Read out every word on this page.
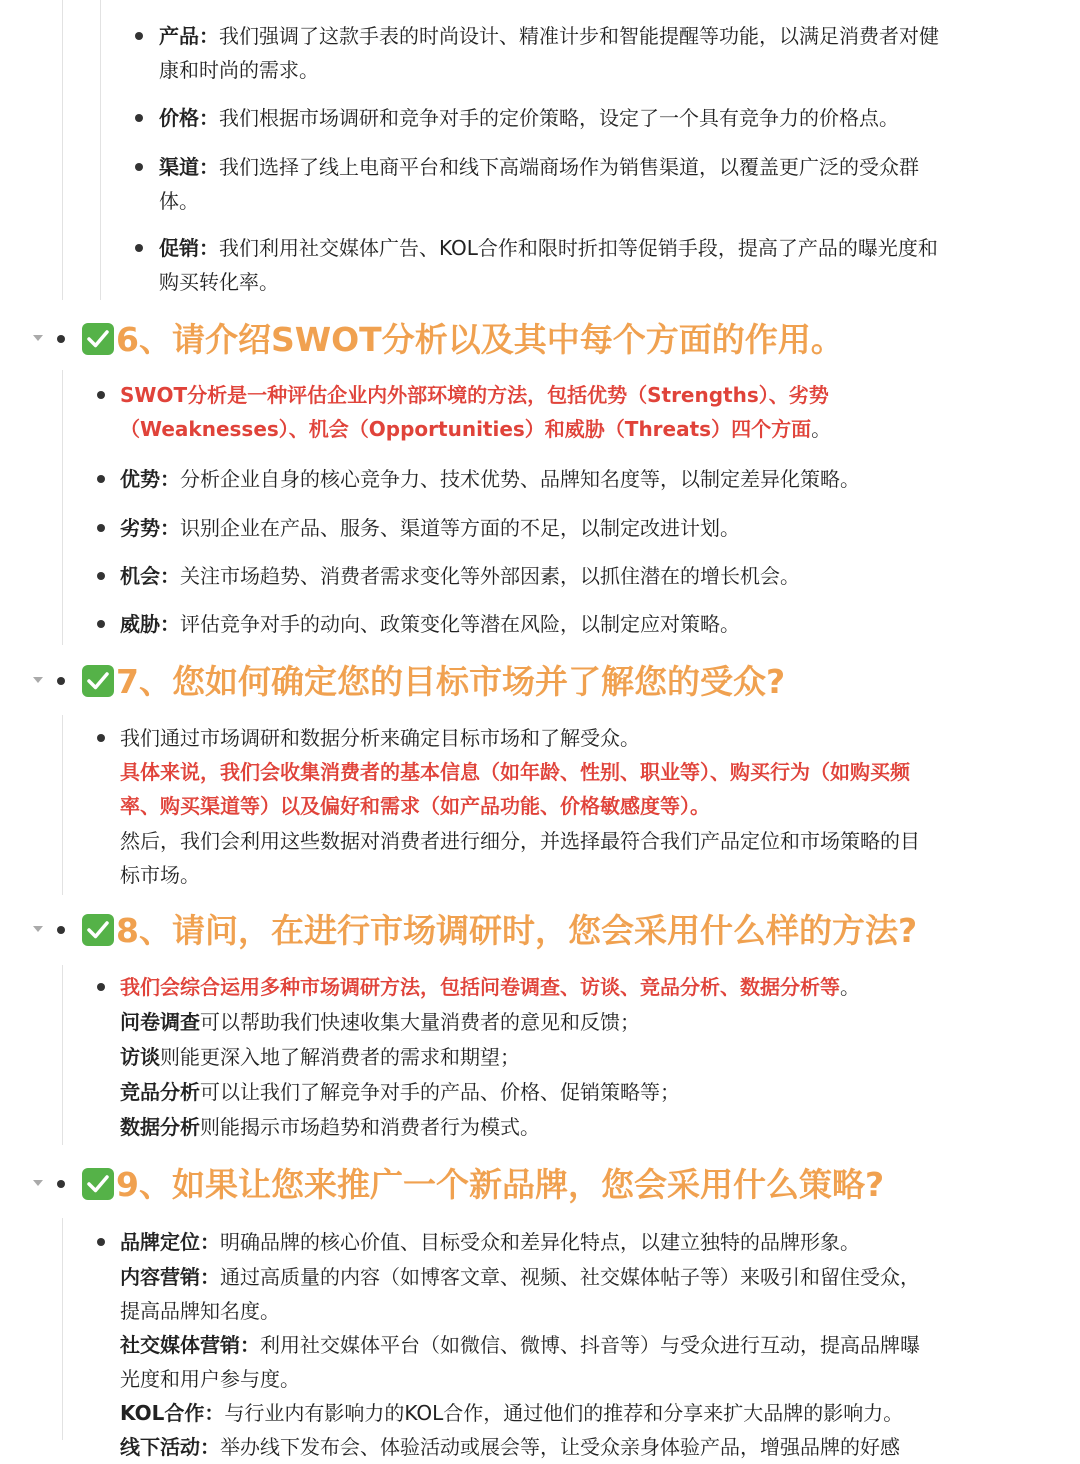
产品：我们强调了这款手表的时尚设计、精准计步和智能提醒等功能，以满足消费者对健
康和时尚的需求。
价格：我们根据市场调研和竞争对手的定价策略，设定了一个具有竞争力的价格点。
渠道：我们选择了线上电商平台和线下高端商场作为销售渠道，以覆盖更广泛的受众群
体。
促销：我们利用社交媒体广告、KOL合作和限时折扣等促销手段，提高了产品的曝光度和
购买转化率。
6、请介绍SWOT分析以及其中每个方面的作用。
SWOT分析是一种评估企业内外部环境的方法，包括优势（Strengths）、劣势
（Weaknesses）、机会（Opportunities）和威胁（Threats）四个方面。
优势：分析企业自身的核心竞争力、技术优势、品牌知名度等，以制定差异化策略。
劣势：识别企业在产品、服务、渠道等方面的不足，以制定改进计划。
机会：关注市场趋势、消费者需求变化等外部因素，以抓住潜在的增长机会。
威胁：评估竞争对手的动向、政策变化等潜在风险，以制定应对策略。
7、您如何确定您的目标市场并了解您的受众?
我们通过市场调研和数据分析来确定目标市场和了解受众。
具体来说，我们会收集消费者的基本信息（如年龄、性别、职业等）、购买行为（如购买频
率、购买渠道等）以及偏好和需求（如产品功能、价格敏感度等）。
然后，我们会利用这些数据对消费者进行细分，并选择最符合我们产品定位和市场策略的目
标市场。
8、请问，在进行市场调研时，您会采用什么样的方法?
我们会综合运用多种市场调研方法，包括问卷调查、访谈、竞品分析、数据分析等。
问卷调查可以帮助我们快速收集大量消费者的意见和反馈；
访谈则能更深入地了解消费者的需求和期望；
竞品分析可以让我们了解竞争对手的产品、价格、促销策略等；
数据分析则能揭示市场趋势和消费者行为模式。
9、如果让您来推广一个新品牌，您会采用什么策略?
品牌定位：明确品牌的核心价值、目标受众和差异化特点，以建立独特的品牌形象。
内容营销：通过高质量的内容（如博客文章、视频、社交媒体帖子等）来吸引和留住受众，
提高品牌知名度。
社交媒体营销：利用社交媒体平台（如微信、微博、抖音等）与受众进行互动，提高品牌曝
光度和用户参与度。
KOL合作：与行业内有影响力的KOL合作，通过他们的推荐和分享来扩大品牌的影响力。
线下活动：举办线下发布会、体验活动或展会等，让受众亲身体验产品，增强品牌的好感
